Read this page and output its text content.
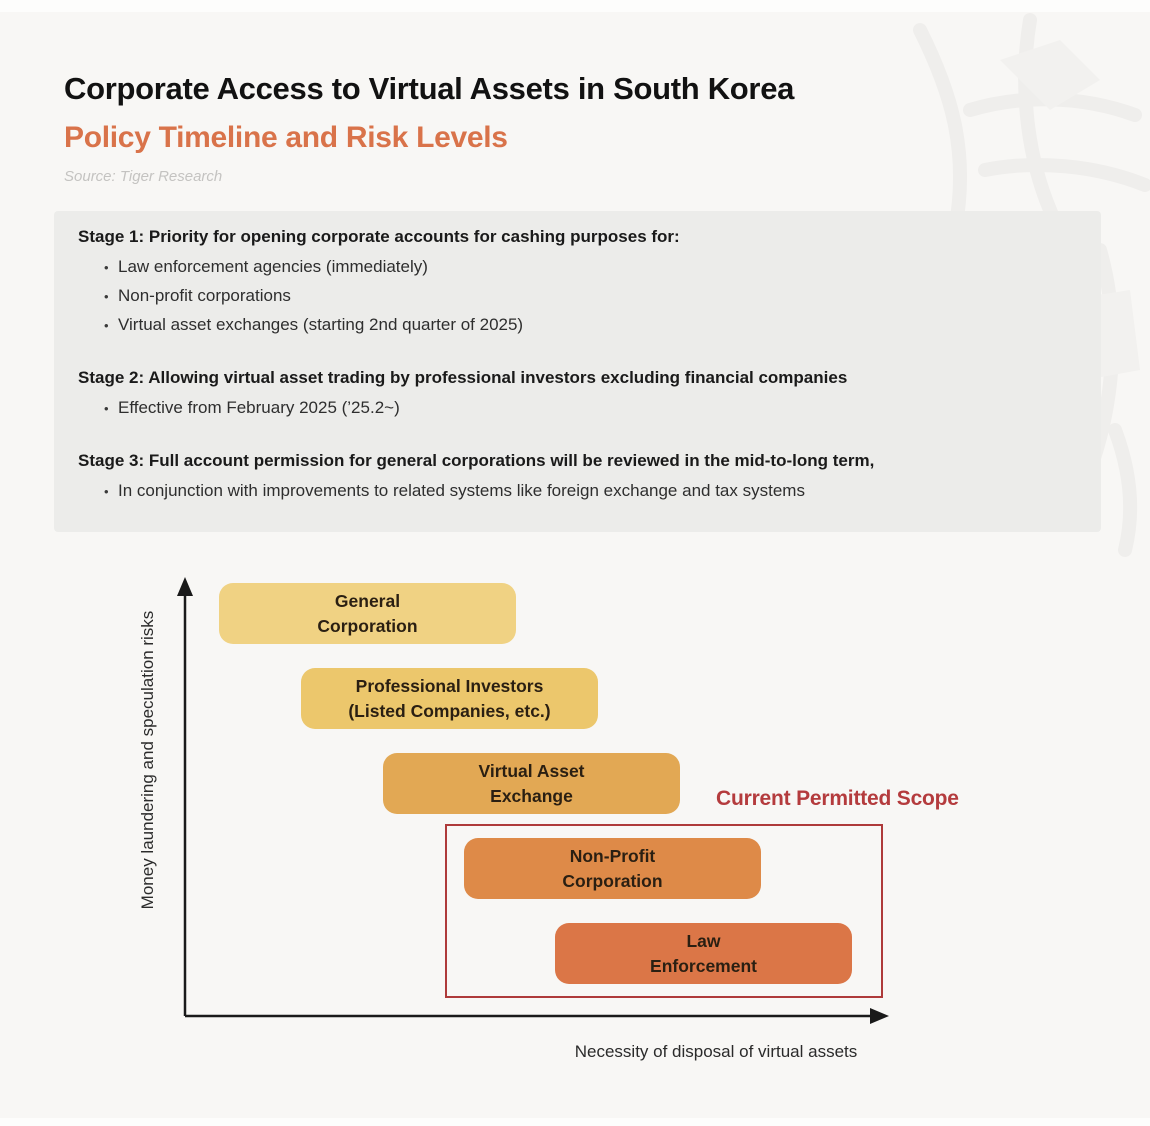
Corporate Access to Virtual Assets in South Korea
Policy Timeline and Risk Levels
Source: Tiger Research
Stage 1: Priority for opening corporate accounts for cashing purposes for:
• Law enforcement agencies (immediately)
• Non-profit corporations
• Virtual asset exchanges (starting 2nd quarter of 2025)
Stage 2: Allowing virtual asset trading by professional investors excluding financial companies
• Effective from February 2025 (’25.2~)
Stage 3: Full account permission for general corporations will be reviewed in the mid-to-long term,
• In conjunction with improvements to related systems like foreign exchange and tax systems
Money laundering and speculation risks
Necessity of disposal of virtual assets
Current Permitted Scope
General
Corporation
Professional Investors
(Listed Companies, etc.)
Virtual Asset
Exchange
Non-Profit
Corporation
Law
Enforcement
